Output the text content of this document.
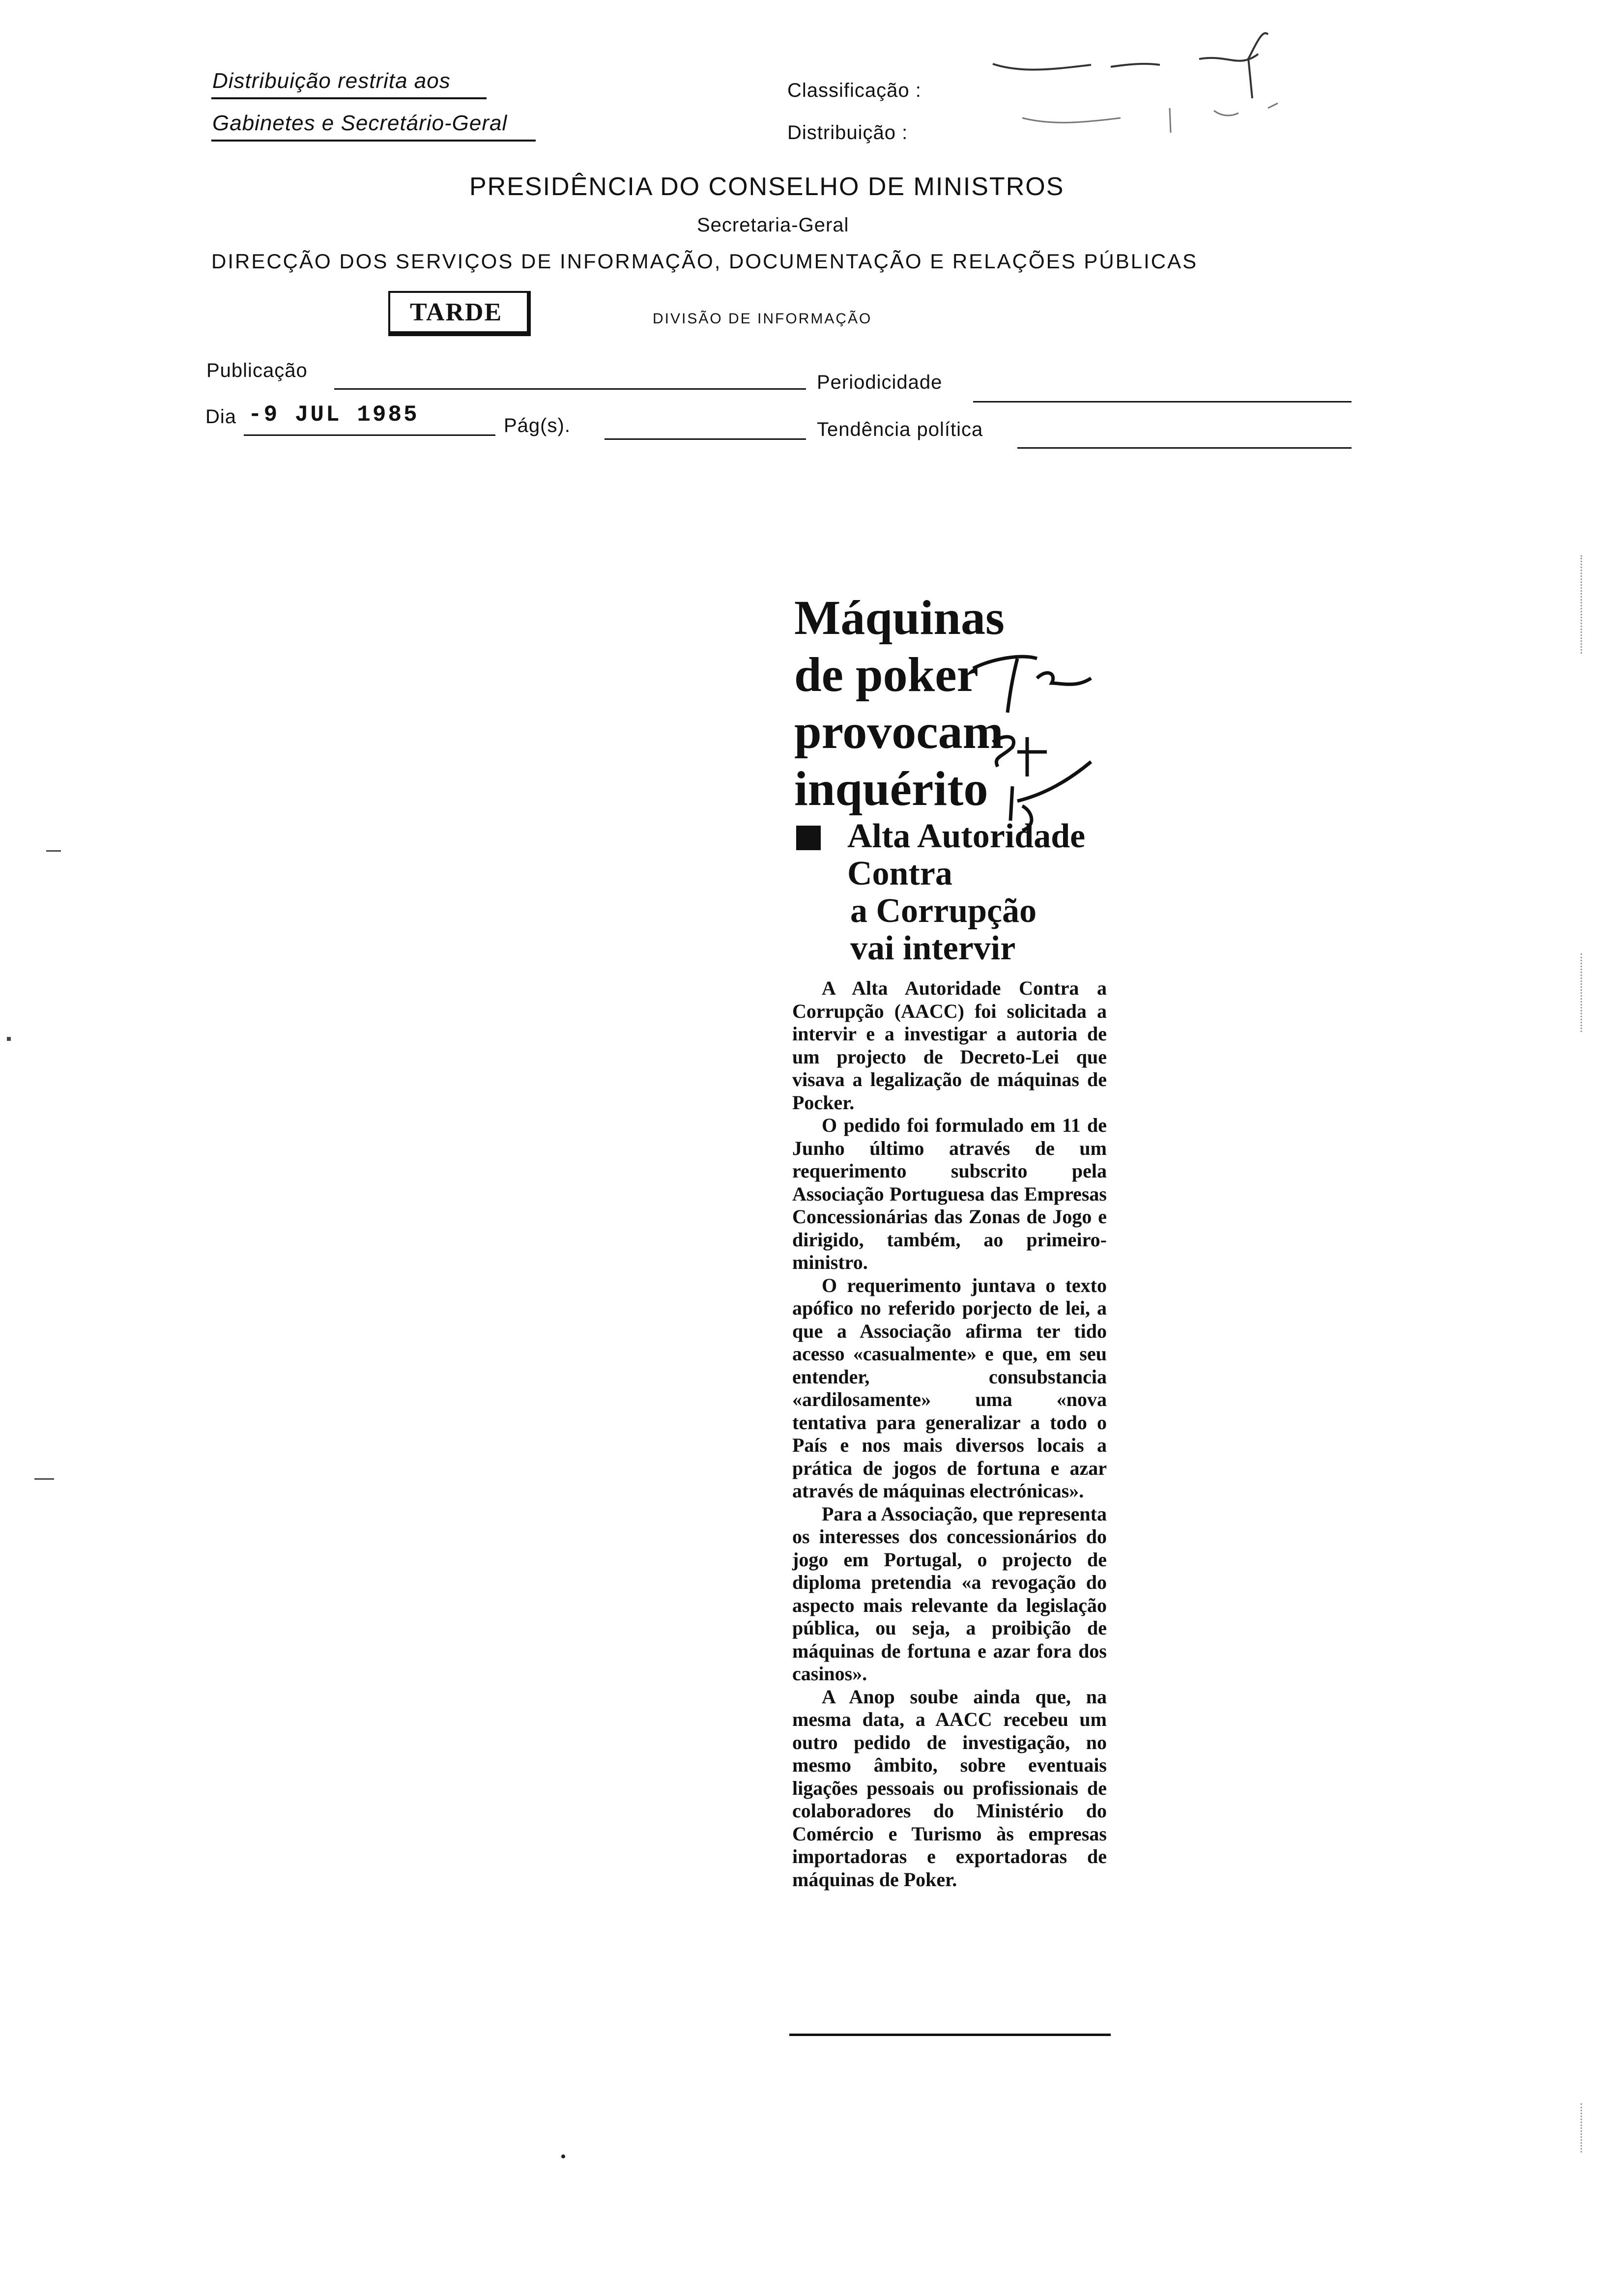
Distribuição restrita aos
Gabinetes e Secretário-Geral
Classificação :
Distribuição :
PRESIDÊNCIA DO CONSELHO DE MINISTROS
Secretaria-Geral
DIRECÇÃO DOS SERVIÇOS DE INFORMAÇÃO, DOCUMENTAÇÃO E RELAÇÕES PÚBLICAS
TARDE	DIVISÃO DE INFORMAÇÃO
Publicação
Periodicidade
Dia -9 JUL 1985	Pág(s).	Tendência política
Máquinas
de poker
provocam
inquérito
Alta Autoridade
Contra
a Corrupção
vai intervir

A Alta Autoridade Contra a Corrupção (AACC) foi solicitada a intervir e a investigar a autoria de um projecto de Decreto-Lei que visava a legalização de máquinas de Pocker.

O pedido foi formulado em 11 de Junho último através de um requerimento subscrito pela Associação Portuguesa das Empresas Concessionárias das Zonas de Jogo e dirigido, também, ao primeiro-ministro.

O requerimento juntava o texto apófico no referido porjecto de lei, a que a Associação afirma ter tido acesso «casualmente» e que, em seu entender, consubstancia «ardilosamente» uma «nova tentativa para generalizar a todo o País e nos mais diversos locais a prática de jogos de fortuna e azar através de máquinas electrónicas».

Para a Associação, que representa os interesses dos concessionários do jogo em Portugal, o projecto de diploma pretendia «a revogação do aspecto mais relevante da legislação pública, ou seja, a proibição de máquinas de fortuna e azar fora dos casinos».

A Anop soube ainda que, na mesma data, a AACC recebeu um outro pedido de investigação, no mesmo âmbito, sobre eventuais ligações pessoais ou profissionais de colaboradores do Ministério do Comércio e Turismo às empresas importadoras e exportadoras de máquinas de Poker.
